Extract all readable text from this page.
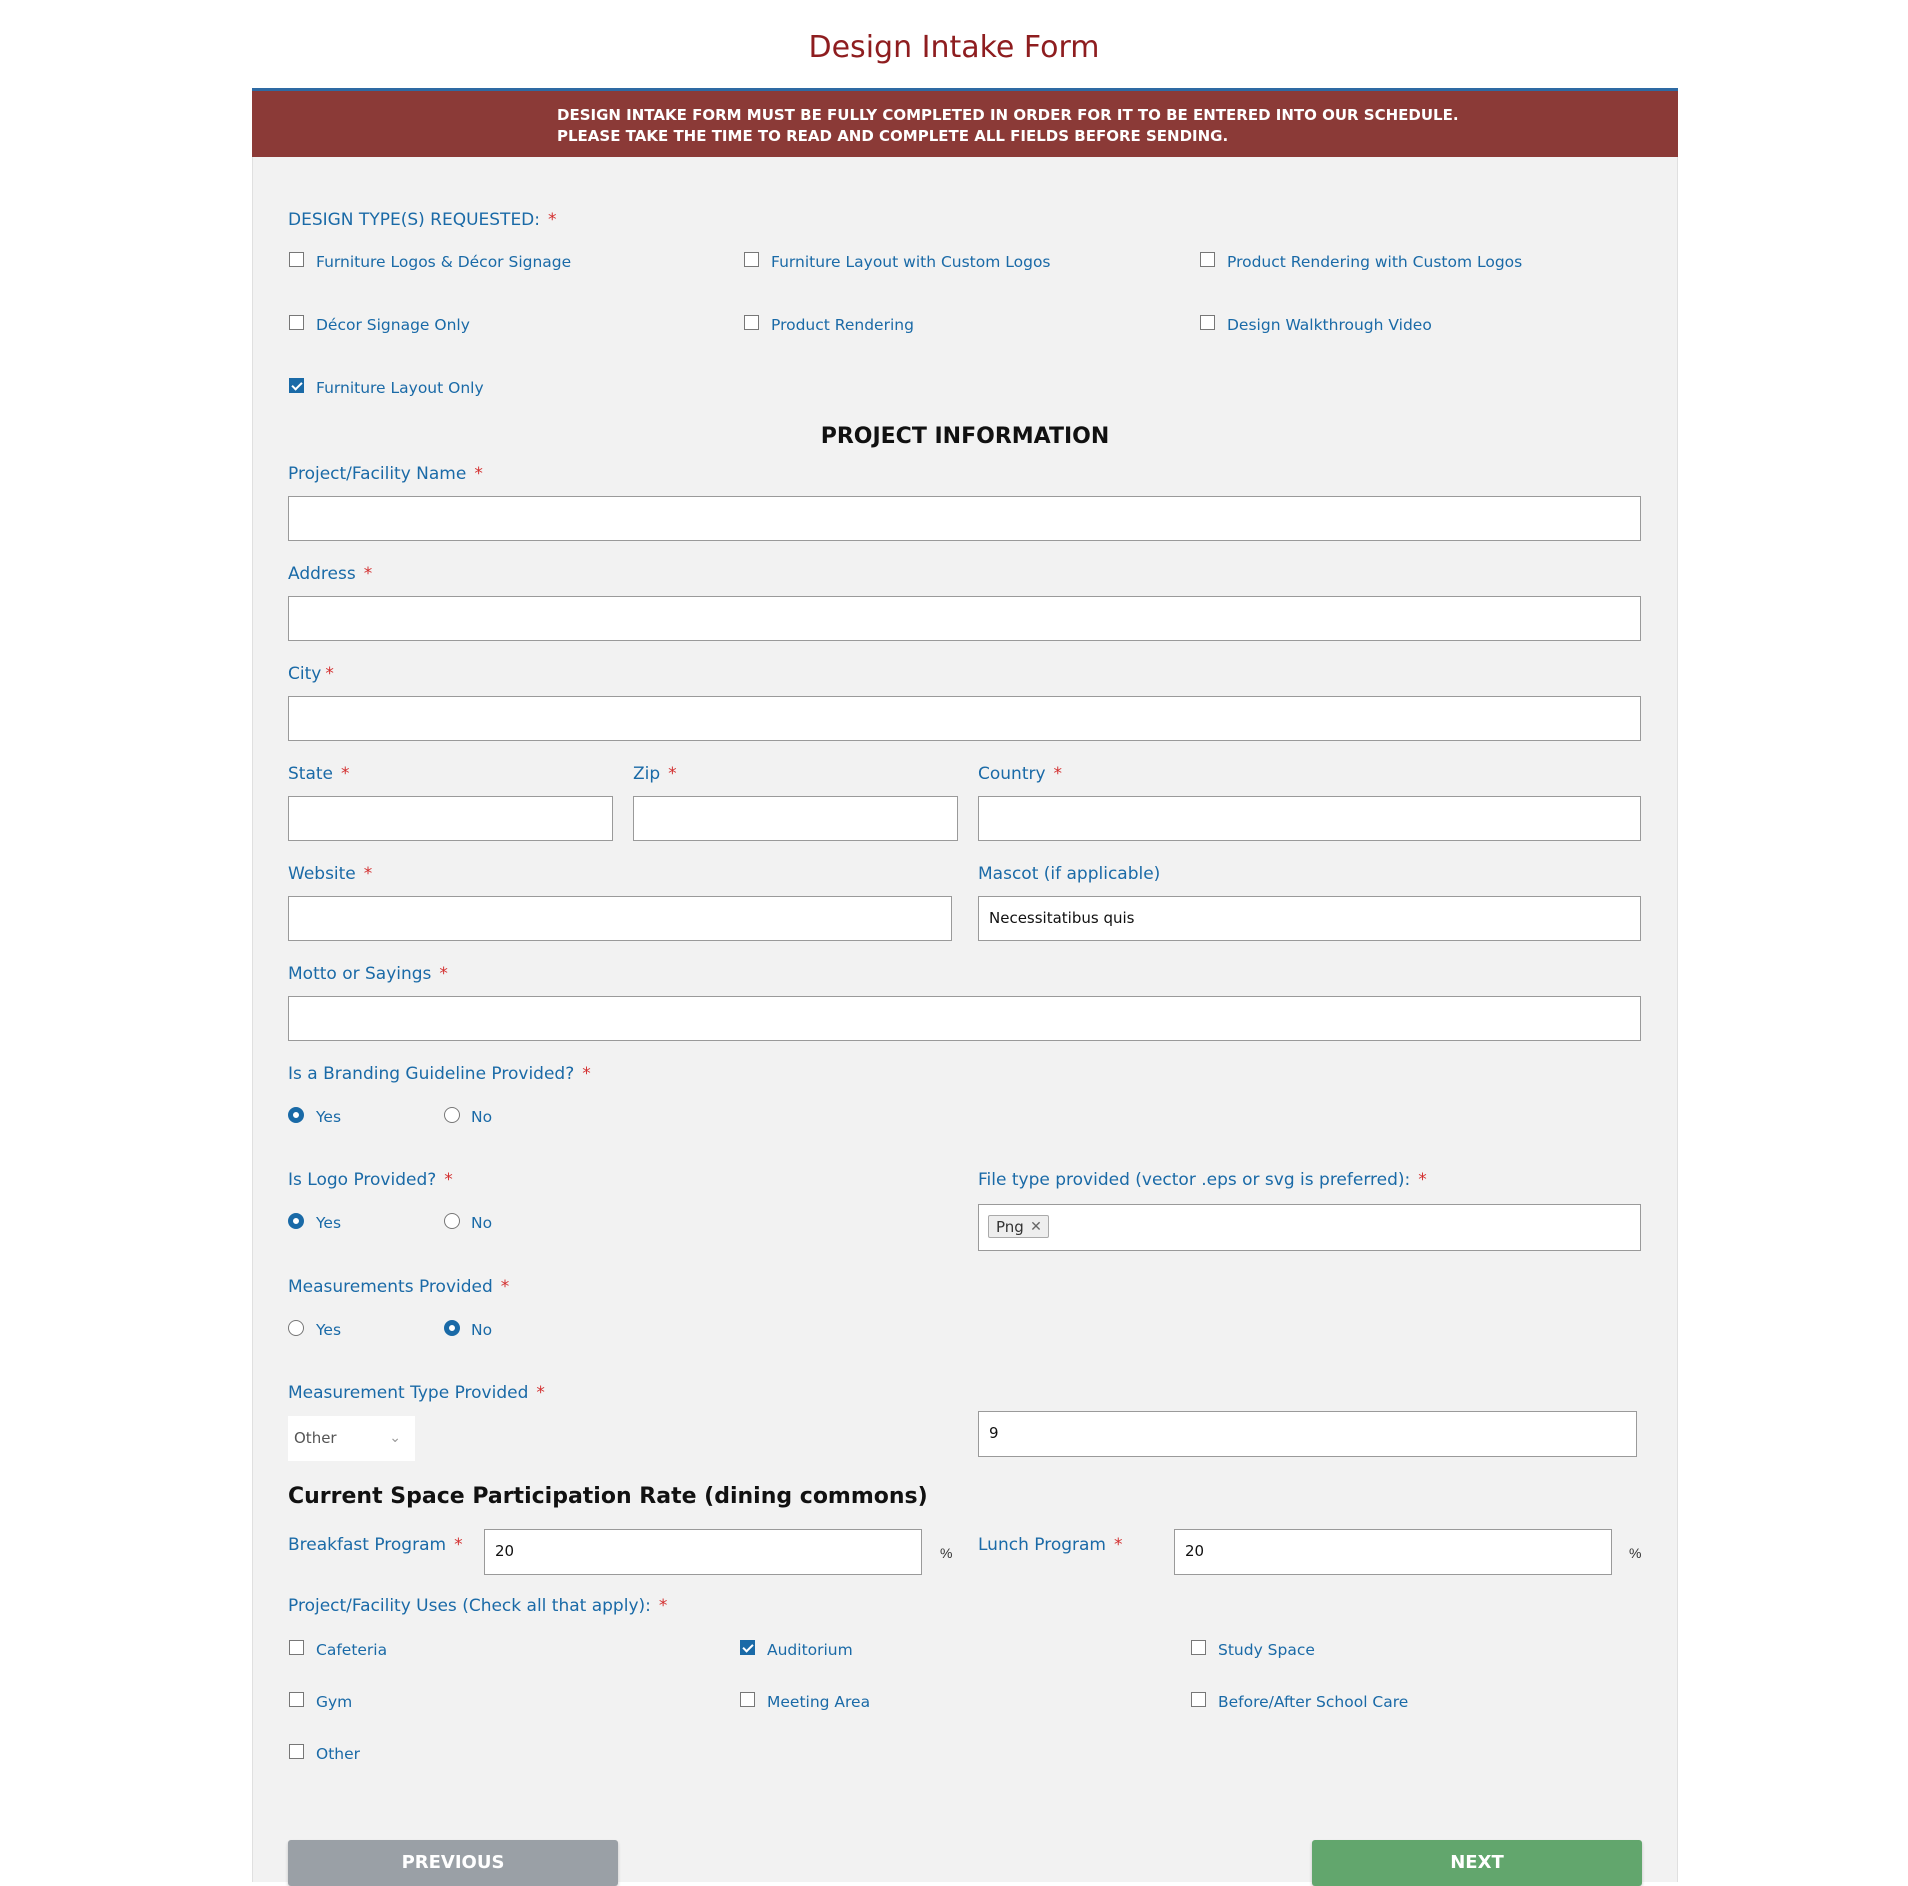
Design Intake Form
DESIGN INTAKE FORM MUST BE FULLY COMPLETED IN ORDER FOR IT TO BE ENTERED INTO OUR SCHEDULE.
PLEASE TAKE THE TIME TO READ AND COMPLETE ALL FIELDS BEFORE SENDING.
DESIGN TYPE(S) REQUESTED: *
Furniture Logos & Décor Signage	Furniture Layout with Custom Logos	Product Rendering with Custom Logos
Décor Signage Only	Product Rendering	Design Walkthrough Video
Furniture Layout Only
PROJECT INFORMATION
Project/Facility Name *
Address *
City *
State *	Zip *	Country *
Website *	Mascot (if applicable)
Necessitatibus quis
Motto or Sayings *
Is a Branding Guideline Provided? *
Yes	No
Is Logo Provided? *
Yes	No
File type provided (vector .eps or svg is preferred): *
Png ✕
Measurements Provided *
Yes	No
Measurement Type Provided *
Other	⌄	9
Current Space Participation Rate (dining commons)
Breakfast Program *	20	% Lunch Program *	20	%
Project/Facility Uses (Check all that apply): *
Cafeteria	Auditorium	Study Space
Gym	Meeting Area	Before/After School Care
Other
PREVIOUS	NEXT
